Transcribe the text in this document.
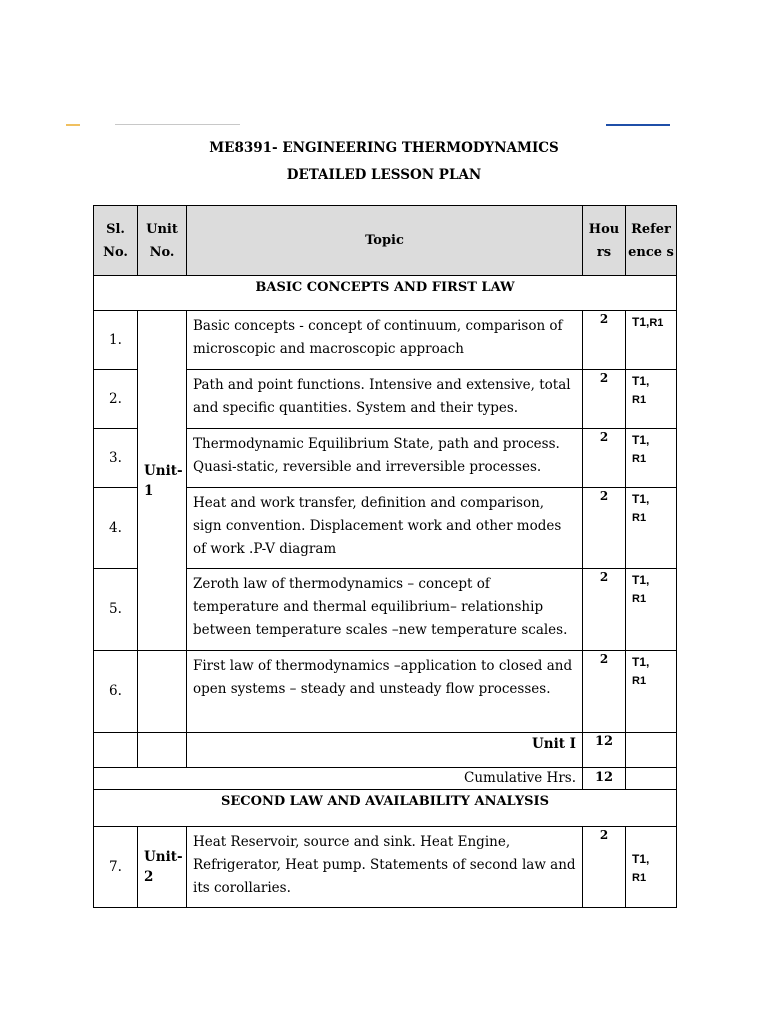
ME8391- ENGINEERING THERMODYNAMICS
DETAILED LESSON PLAN
Sl. No.	Unit No.	Topic	Hou rs	Refer ence s
BASIC CONCEPTS AND FIRST LAW				
1.	Unit-1	Basic concepts - concept of continuum, comparison of microscopic and macroscopic approach	2	T1,R1
2.		Path and point functions. Intensive and extensive, total and specific quantities. System and their types.	2	T1,
R1
3.		Thermodynamic Equilibrium State, path and process. Quasi-static, reversible and irreversible processes.	2	T1,
R1
4.		Heat and work transfer, definition and comparison, sign convention. Displacement work and other modes of work .P-V diagram	2	T1,
R1
5.		Zeroth law of thermodynamics – concept of temperature and thermal equilibrium– relationship between temperature scales –new temperature scales.	2	T1,
R1
6.		First law of thermodynamics –application to closed and open systems – steady and unsteady flow processes.	2	T1,
R1
		Unit I	12	
Cumulative Hrs.			12	
SECOND LAW AND AVAILABILITY ANALYSIS				
7.	Unit-2	Heat Reservoir, source and sink. Heat Engine, Refrigerator, Heat pump. Statements of second law and its corollaries.	2	T1,
R1
